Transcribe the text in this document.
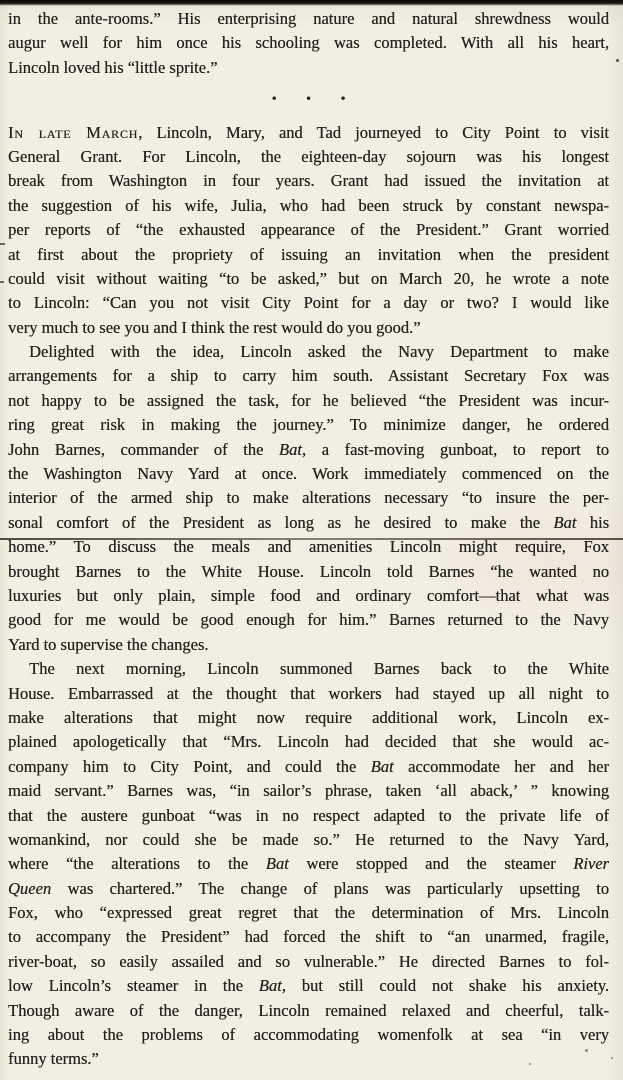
in the ante-rooms.” His enterprising nature and natural shrewdness would
augur well for him once his schooling was completed. With all his heart,
Lincoln loved his “little sprite.”
• • •
In late March, Lincoln, Mary, and Tad journeyed to City Point to visit
General Grant. For Lincoln, the eighteen-day sojourn was his longest
break from Washington in four years. Grant had issued the invitation at
the suggestion of his wife, Julia, who had been struck by constant newspa-
per reports of “the exhausted appearance of the President.” Grant worried
at first about the propriety of issuing an invitation when the president
could visit without waiting “to be asked,” but on March 20, he wrote a note
to Lincoln: “Can you not visit City Point for a day or two? I would like
very much to see you and I think the rest would do you good.”
Delighted with the idea, Lincoln asked the Navy Department to make
arrangements for a ship to carry him south. Assistant Secretary Fox was
not happy to be assigned the task, for he believed “the President was incur-
ring great risk in making the journey.” To minimize danger, he ordered
John Barnes, commander of the Bat, a fast-moving gunboat, to report to
the Washington Navy Yard at once. Work immediately commenced on the
interior of the armed ship to make alterations necessary “to insure the per-
sonal comfort of the President as long as he desired to make the Bat his
home.” To discuss the meals and amenities Lincoln might require, Fox
brought Barnes to the White House. Lincoln told Barnes “he wanted no
luxuries but only plain, simple food and ordinary comfort—that what was
good for me would be good enough for him.” Barnes returned to the Navy
Yard to supervise the changes.
The next morning, Lincoln summoned Barnes back to the White
House. Embarrassed at the thought that workers had stayed up all night to
make alterations that might now require additional work, Lincoln ex-
plained apologetically that “Mrs. Lincoln had decided that she would ac-
company him to City Point, and could the Bat accommodate her and her
maid servant.” Barnes was, “in sailor’s phrase, taken ‘all aback,’ ” knowing
that the austere gunboat “was in no respect adapted to the private life of
womankind, nor could she be made so.” He returned to the Navy Yard,
where “the alterations to the Bat were stopped and the steamer River
Queen was chartered.” The change of plans was particularly upsetting to
Fox, who “expressed great regret that the determination of Mrs. Lincoln
to accompany the President” had forced the shift to “an unarmed, fragile,
river-boat, so easily assailed and so vulnerable.” He directed Barnes to fol-
low Lincoln’s steamer in the Bat, but still could not shake his anxiety.
Though aware of the danger, Lincoln remained relaxed and cheerful, talk-
ing about the problems of accommodating womenfolk at sea “in very
funny terms.”
